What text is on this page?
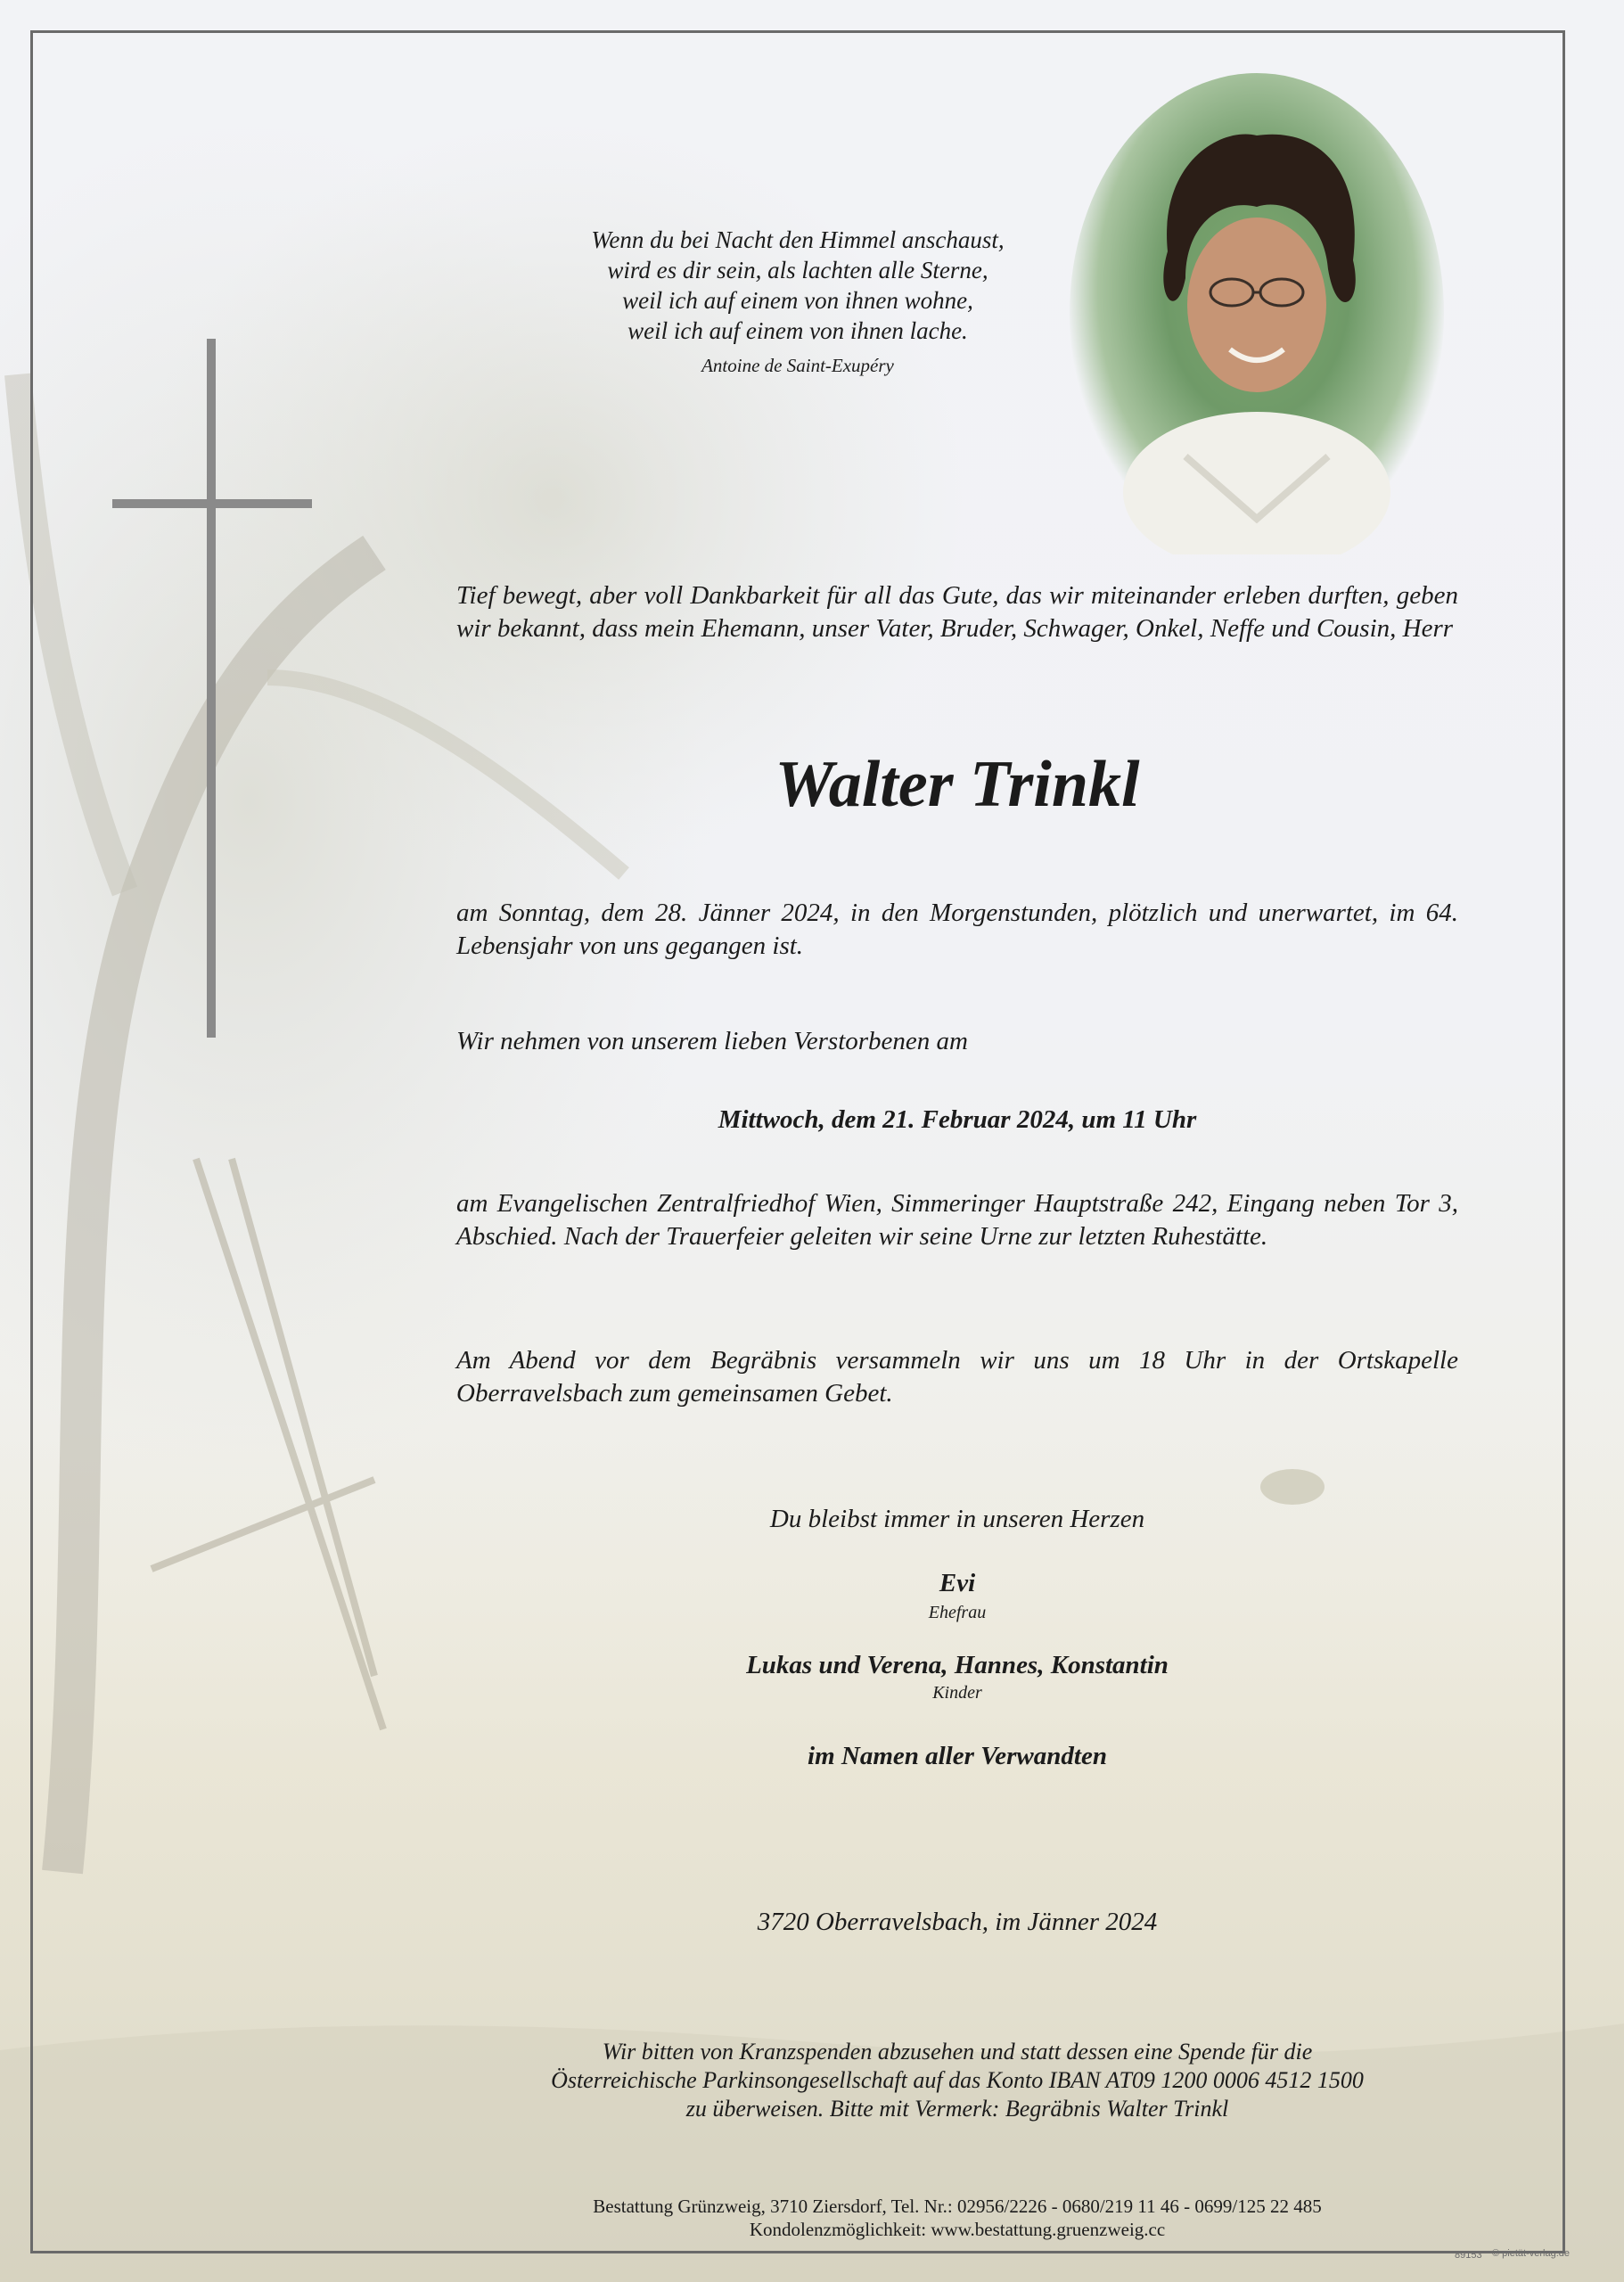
Wenn du bei Nacht den Himmel anschaust,
wird es dir sein, als lachten alle Sterne,
weil ich auf einem von ihnen wohne,
weil ich auf einem von ihnen lache.
Antoine de Saint-Exupéry
Tief bewegt, aber voll Dankbarkeit für all das Gute, das wir miteinander erleben durften, geben wir bekannt, dass mein Ehemann, unser Vater, Bruder, Schwager, Onkel, Neffe und Cousin, Herr
Walter Trinkl
am Sonntag, dem 28. Jänner 2024, in den Morgenstunden, plötzlich und unerwartet, im 64. Lebensjahr von uns gegangen ist.
Wir nehmen von unserem lieben Verstorbenen am
Mittwoch, dem 21. Februar 2024, um 11 Uhr
am Evangelischen Zentralfriedhof Wien, Simmeringer Hauptstraße 242, Eingang neben Tor 3, Abschied. Nach der Trauerfeier geleiten wir seine Urne zur letzten Ruhestätte.
Am Abend vor dem Begräbnis versammeln wir uns um 18 Uhr in der Ortskapelle Oberravelsbach zum gemeinsamen Gebet.
Du bleibst immer in unseren Herzen
Evi
Ehefrau
Lukas und Verena, Hannes, Konstantin
Kinder
im Namen aller Verwandten
3720 Oberravelsbach, im Jänner 2024
Wir bitten von Kranzspenden abzusehen und statt dessen eine Spende für die
Österreichische Parkinsongesellschaft auf das Konto IBAN AT09 1200 0006 4512 1500
zu überweisen. Bitte mit Vermerk: Begräbnis Walter Trinkl
Bestattung Grünzweig, 3710 Ziersdorf, Tel. Nr.: 02956/2226 - 0680/219 11 46 - 0699/125 22 485
Kondolenzmöglichkeit: www.bestattung.gruenzweig.cc
89153 © pietät-verlag.de
